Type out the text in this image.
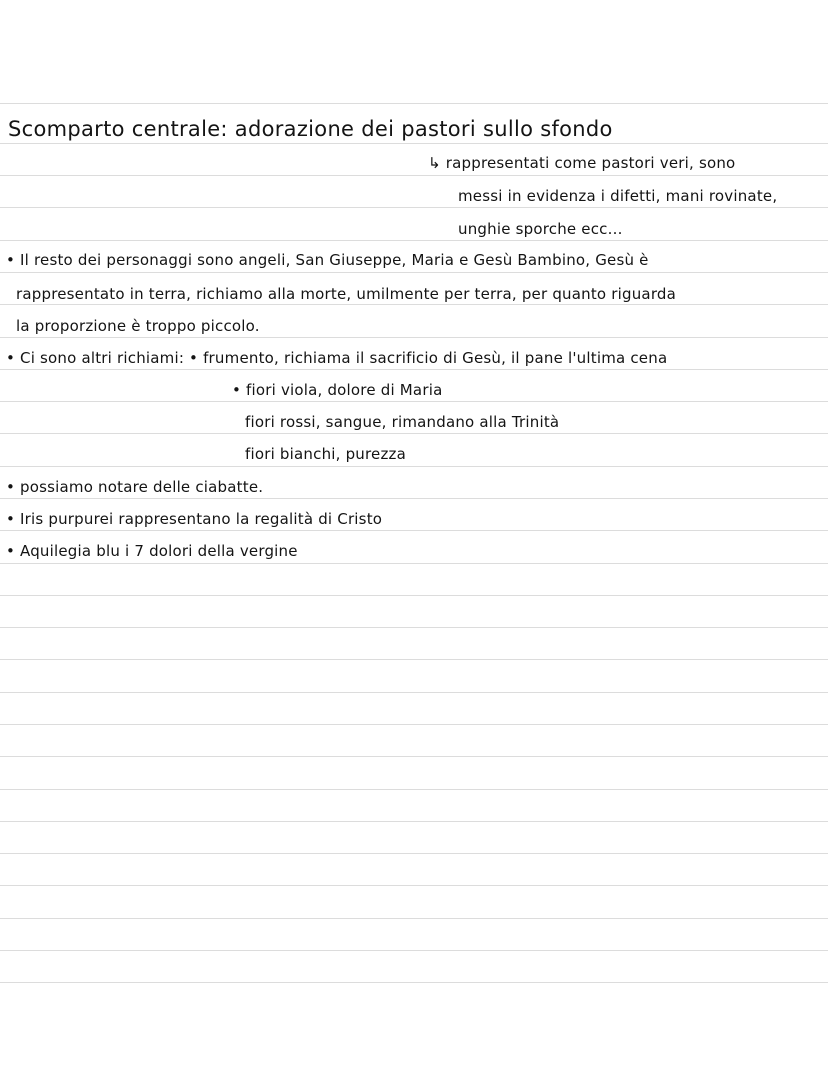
Scomparto centrale: adorazione dei pastori sullo sfondo
↳ rappresentati come pastori veri, sono
messi in evidenza i difetti, mani rovinate,
unghie sporche ecc...
• Il resto dei personaggi sono angeli, San Giuseppe, Maria e Gesù Bambino, Gesù è
rappresentato in terra, richiamo alla morte, umilmente per terra, per quanto riguarda
la proporzione è troppo piccolo.
• Ci sono altri richiami: • frumento, richiama il sacrificio di Gesù, il pane l'ultima cena
• fiori viola, dolore di Maria
fiori rossi, sangue, rimandano alla Trinità
fiori bianchi, purezza
• possiamo notare delle ciabatte.
• Iris purpurei rappresentano la regalità di Cristo
• Aquilegia blu i 7 dolori della vergine
